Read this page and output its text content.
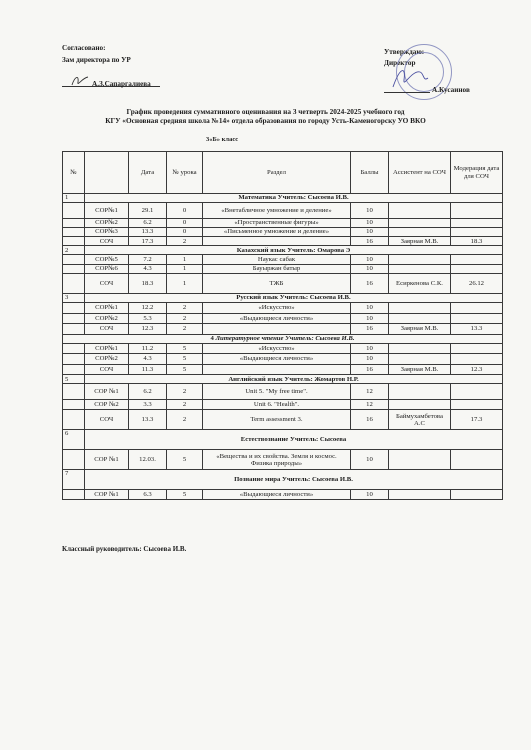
Согласовано:
Зам директора по УР
А.З.Сапаргалиева
Утверждаю:
Директор
А.Кусаинов
График проведения суммативного оценивания на 3 четверть 2024-2025 учебного год
КГУ «Основная средняя школа №14» отдела образования по городу Усть-Каменогорску УО ВКО
3«Б» класс
№		Дата	№ урока	Раздел	Баллы	Ассистент на СОЧ	Модерация дата для СОЧ
1	Математика Учитель: Сысоева И.В.						
	СОР№1	29.1	0	«Внетабличное умножение и деление»	10		
	СОР№2	6.2	0	«Пространственные фигуры»	10		
	СОР№3	13.3	0	«Письменное умножение и деление»	10		
	СОЧ	17.3	2		16	Заярная М.В.	18.3
2	Казахский язык Учитель: Омарова Э						
	СОР№5	7.2	1	Наукас сабак	10		
	СОР№6	4.3	1	Бауыржан батыр	10		
	СОЧ	18.3	1	ТЖБ	16	Есиркенова С.К.	26.12
3	Русский язык Учитель: Сысоева И.В.						
	СОР№1	12.2	2	«Искусство»	10		
	СОР№2	5.3	2	«Выдающиеся личности»	10		
	СОЧ	12.3	2		16	Заярная М.В.	13.3
4 Литературное чтение Учитель: Сысоева И.В.							
	СОР№1	11.2	5	«Искусство»	10		
	СОР№2	4.3	5	«Выдающиеся личности»	10		
	СОЧ	11.3	5		16	Заярная М.В.	12.3
5	Английский язык Учитель: Жомартов Н.Р.						
	СОР №1	6.2	2	Unit 5. "My free time".	12		
	СОР №2	3.3	2	Unit 6. "Health".	12		
	СОЧ	13.3	2	Term assessment 3.	16	Баймухамбетова А.С	17.3
6	Естествознание Учитель: Сысоева						

	СОР №1	12.03.	5	«Вещества и их свойства. Земля и космос. Физика природы»	10		
7	Познание мира Учитель: Сысоева И.В.						

	СОР №1	6.3	5	«Выдающиеся личности»	10		
Классный руководитель: Сысоева И.В.
